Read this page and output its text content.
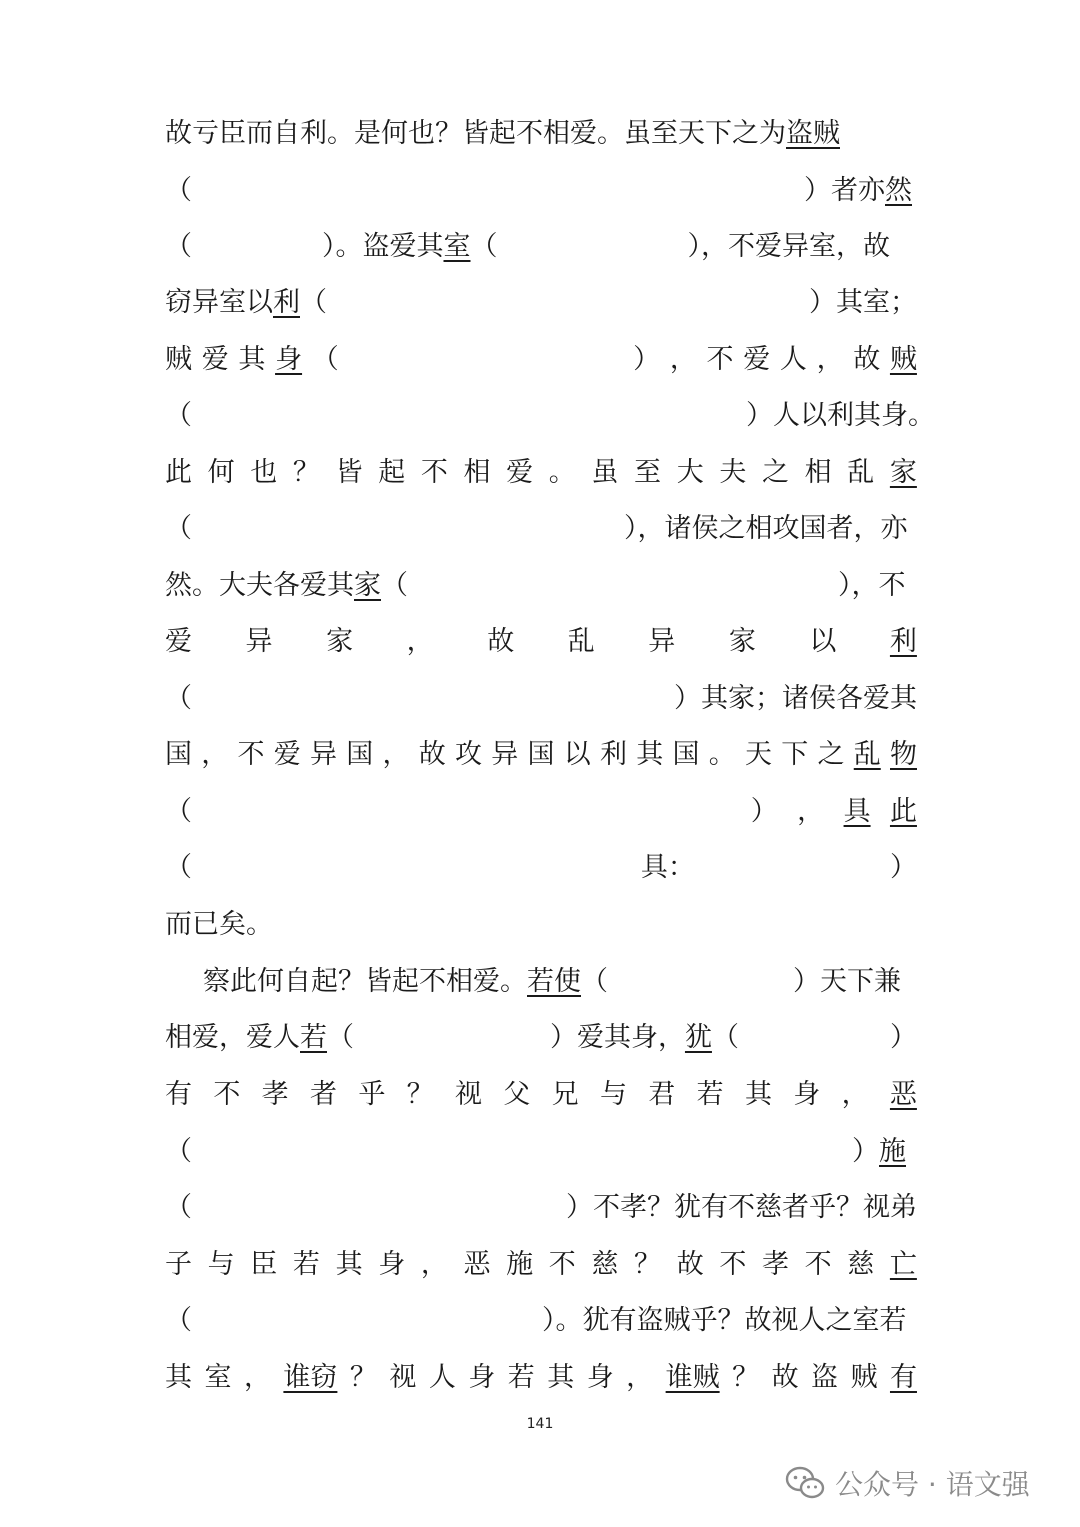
故亏臣而自 利 。是何也？皆起不相爱。虽至天下之为 盗贼
（	）者亦 然
（	）。盗爱其 室 （	），不爱异室，故
窃异室以 利 （	）其室；
贼 爱 其 身 （	） ， 不 爱 人 ， 故 贼
（	）人以利其身。
此 何 也 ？ 皆 起 不 相 爱 。 虽 至 大 夫 之 相 乱 家
（	），诸侯之相攻国者，亦
然。大夫各爱其 家 （	），不
爱 异 家 ， 故 乱 异 家 以 利
（	）其家；诸侯各爱其
国 ， 不 爱 异 国 ， 故 攻 异 国 以 利 其 国 。 天 下 之 乱 物
（	） ， 具 此
（	具：	）
而已矣。
察此何自起？皆起不相爱。 若使 （	）天下兼
相爱，爱人 若 （	）爱其身， 犹 （	）
有 不 孝 者 乎 ？ 视 父 兄 与 君 若 其 身 ， 恶
（	） 施
（	）不孝？犹有不慈者乎？视弟
子 与 臣 若 其 身 ， 恶 施 不 慈 ？ 故 不 孝 不 慈 亡
（	）。犹有盗贼乎？故视人之室若
其 室 ， 谁窃 ？ 视 人 身 若 其 身 ， 谁贼 ？ 故 盗 贼 有
141
公众号 · 语文强
